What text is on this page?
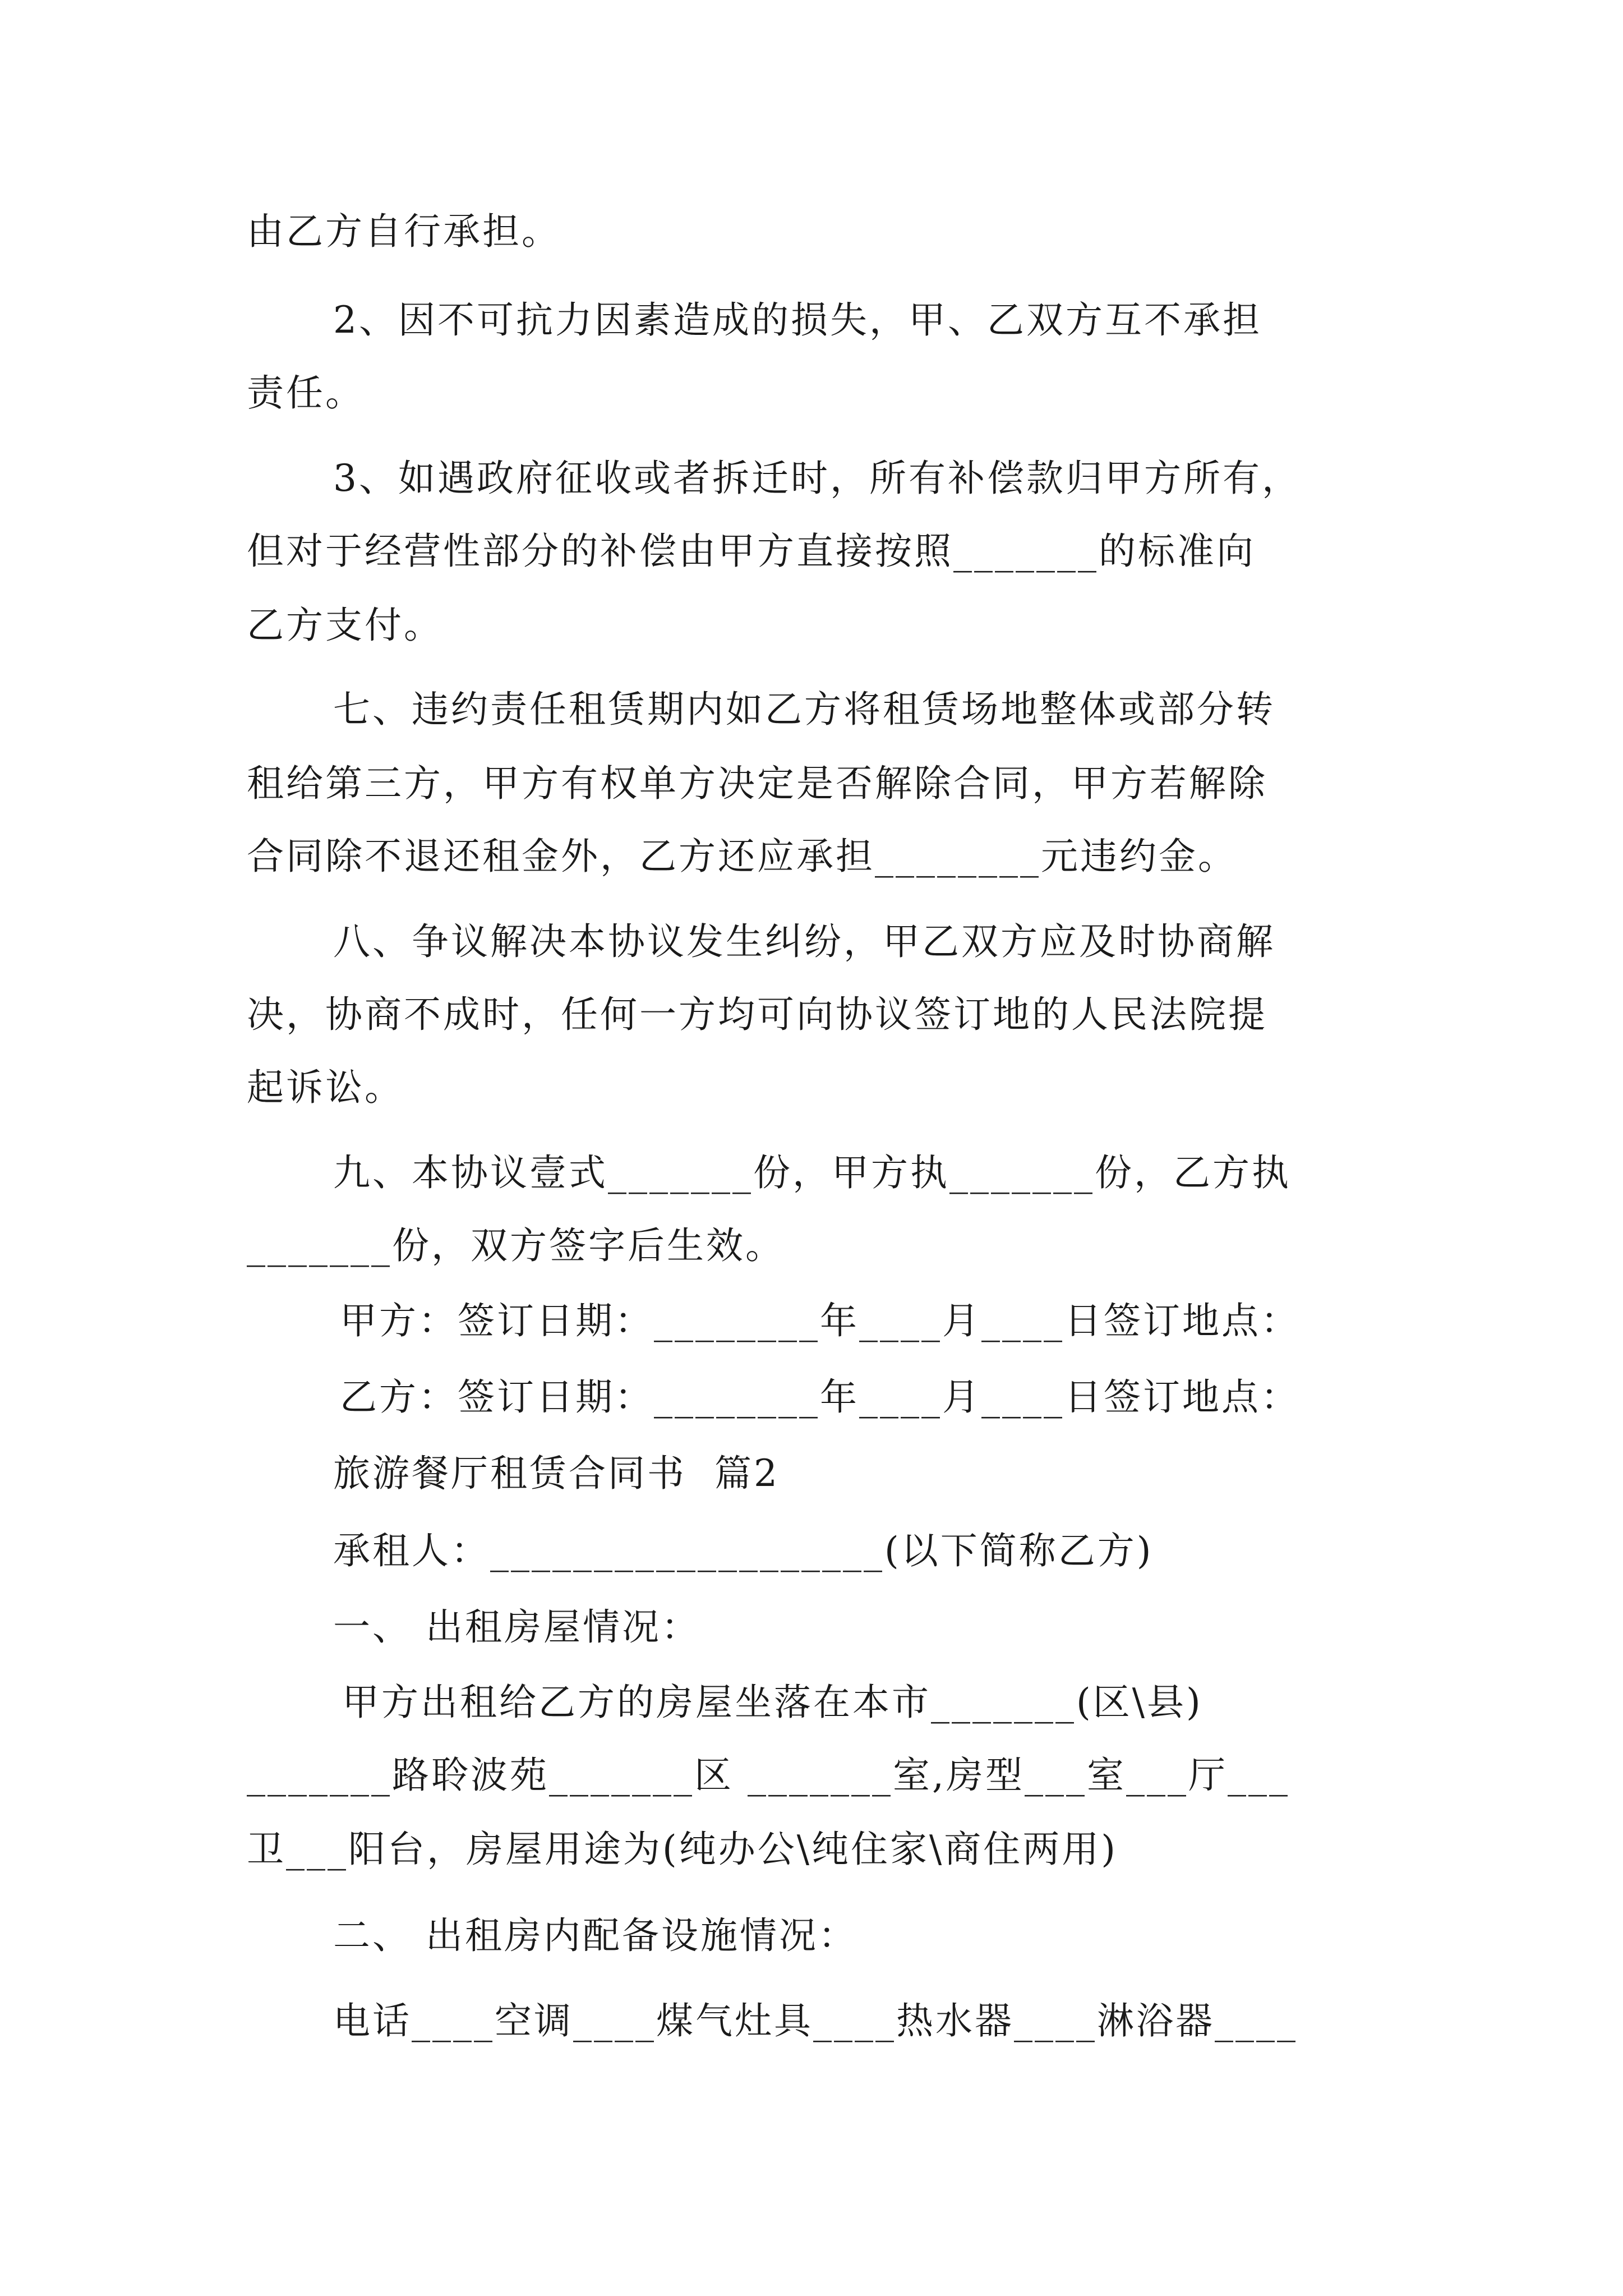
由乙方自行承担。

2、因不可抗力因素造成的损失，甲、乙双方互不承担

责任。

3、如遇政府征收或者拆迁时，所有补偿款归甲方所有，

但对于经营性部分的补偿由甲方直接按照_______的标准向

乙方支付。

七、违约责任租赁期内如乙方将租赁场地整体或部分转

租给第三方，甲方有权单方决定是否解除合同，甲方若解除

合同除不退还租金外，乙方还应承担________元违约金。

八、争议解决本协议发生纠纷，甲乙双方应及时协商解

决，协商不成时，任何一方均可向协议签订地的人民法院提

起诉讼。

九、本协议壹式_______份，甲方执_______份，乙方执

_______份，双方签字后生效。

甲方：签订日期：________年____月____日签订地点：

乙方：签订日期：________年____月____日签订地点：

旅游餐厅租赁合同书  篇2

承租人：___________________(以下简称乙方)

一、 出租房屋情况：

甲方出租给乙方的房屋坐落在本市_______(区\县)

_______路聆波苑_______区 _______室,房型___室___厅___

卫___阳台，房屋用途为(纯办公\纯住家\商住两用)

二、 出租房内配备设施情况：

电话____空调____煤气灶具____热水器____淋浴器____
